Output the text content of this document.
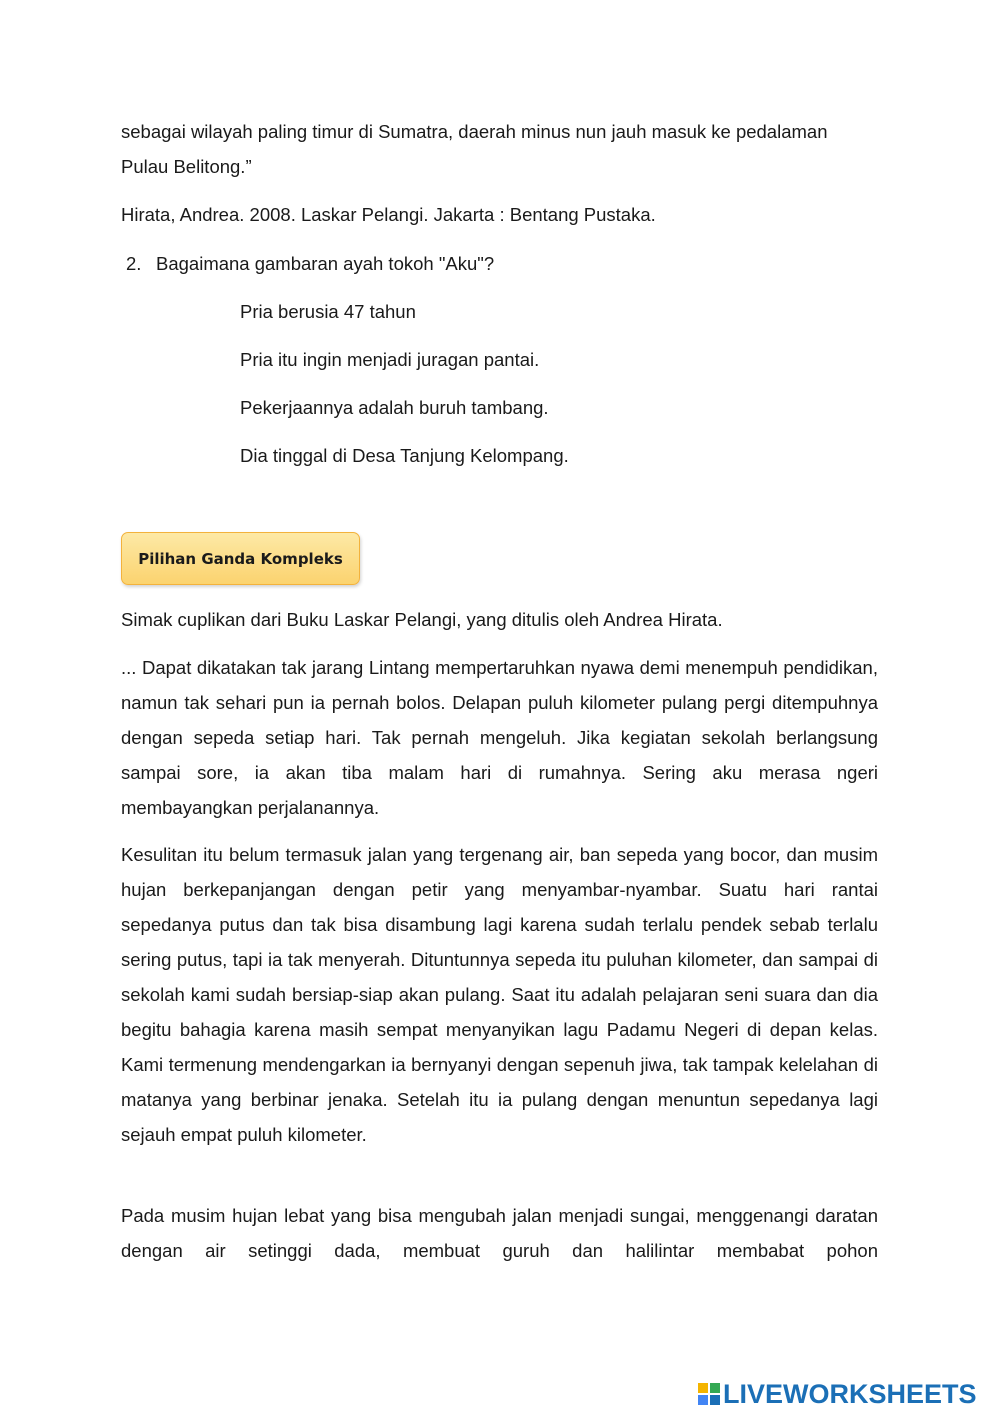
sebagai wilayah paling timur di Sumatra, daerah minus nun jauh masuk ke pedalaman
Pulau Belitong.”

Hirata, Andrea. 2008. Laskar Pelangi. Jakarta : Bentang Pustaka.

2. Bagaimana gambaran ayah tokoh "Aku"?
Pria berusia 47 tahun
Pria itu ingin menjadi juragan pantai.
Pekerjaannya adalah buruh tambang.
Dia tinggal di Desa Tanjung Kelompang.
Pilihan Ganda Kompleks

Simak cuplikan dari Buku Laskar Pelangi, yang ditulis oleh Andrea Hirata.

... Dapat dikatakan tak jarang Lintang mempertaruhkan nyawa demi menempuh pendidikan, namun tak sehari pun ia pernah bolos. Delapan puluh kilometer pulang pergi ditempuhnya dengan sepeda setiap hari. Tak pernah mengeluh. Jika kegiatan sekolah berlangsung sampai sore, ia akan tiba malam hari di rumahnya. Sering aku merasa ngeri membayangkan perjalanannya.

Kesulitan itu belum termasuk jalan yang tergenang air, ban sepeda yang bocor, dan musim hujan berkepanjangan dengan petir yang menyambar-nyambar. Suatu hari rantai sepedanya putus dan tak bisa disambung lagi karena sudah terlalu pendek sebab terlalu sering putus, tapi ia tak menyerah. Dituntunnya sepeda itu puluhan kilometer, dan sampai di sekolah kami sudah bersiap-siap akan pulang. Saat itu adalah pelajaran seni suara dan dia begitu bahagia karena masih sempat menyanyikan lagu Padamu Negeri di depan kelas. Kami termenung mendengarkan ia bernyanyi dengan sepenuh jiwa, tak tampak kelelahan di matanya yang berbinar jenaka. Setelah itu ia pulang dengan menuntun sepedanya lagi sejauh empat puluh kilometer.

Pada musim hujan lebat yang bisa mengubah jalan menjadi sungai, menggenangi daratan dengan air setinggi dada, membuat guruh dan halilintar membabat pohon

LIVEWORKSHEETS
